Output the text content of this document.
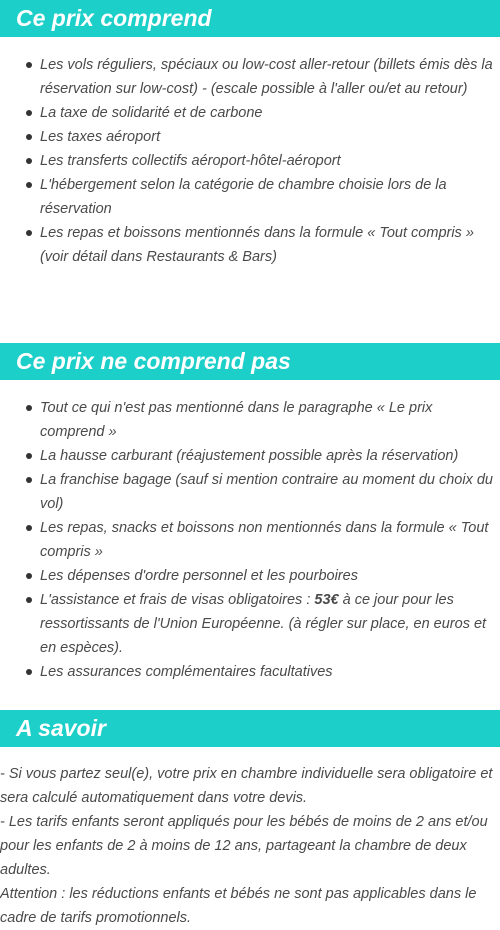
Ce prix comprend
Les vols réguliers, spéciaux ou low-cost aller-retour (billets émis dès la réservation sur low-cost) - (escale possible à l'aller ou/et au retour)
La taxe de solidarité et de carbone
Les taxes aéroport
Les transferts collectifs aéroport-hôtel-aéroport
L'hébergement selon la catégorie de chambre choisie lors de la réservation
Les repas et boissons mentionnés dans la formule « Tout compris » (voir détail dans Restaurants & Bars)
Ce prix ne comprend pas
Tout ce qui n'est pas mentionné dans le paragraphe « Le prix comprend »
La hausse carburant (réajustement possible après la réservation)
La franchise bagage (sauf si mention contraire au moment du choix du vol)
Les repas, snacks et boissons non mentionnés dans la formule « Tout compris »
Les dépenses d'ordre personnel et les pourboires
L'assistance et frais de visas obligatoires : 53€ à ce jour pour les ressortissants de l'Union Européenne. (à régler sur place, en euros et en espèces).
Les assurances complémentaires facultatives
A savoir

- Si vous partez seul(e), votre prix en chambre individuelle sera obligatoire et sera calculé automatiquement dans votre devis.

- Les tarifs enfants seront appliqués pour les bébés de moins de 2 ans et/ou pour les enfants de 2 à moins de 12 ans, partageant la chambre de deux adultes.

Attention : les réductions enfants et bébés ne sont pas applicables dans le cadre de tarifs promotionnels.
